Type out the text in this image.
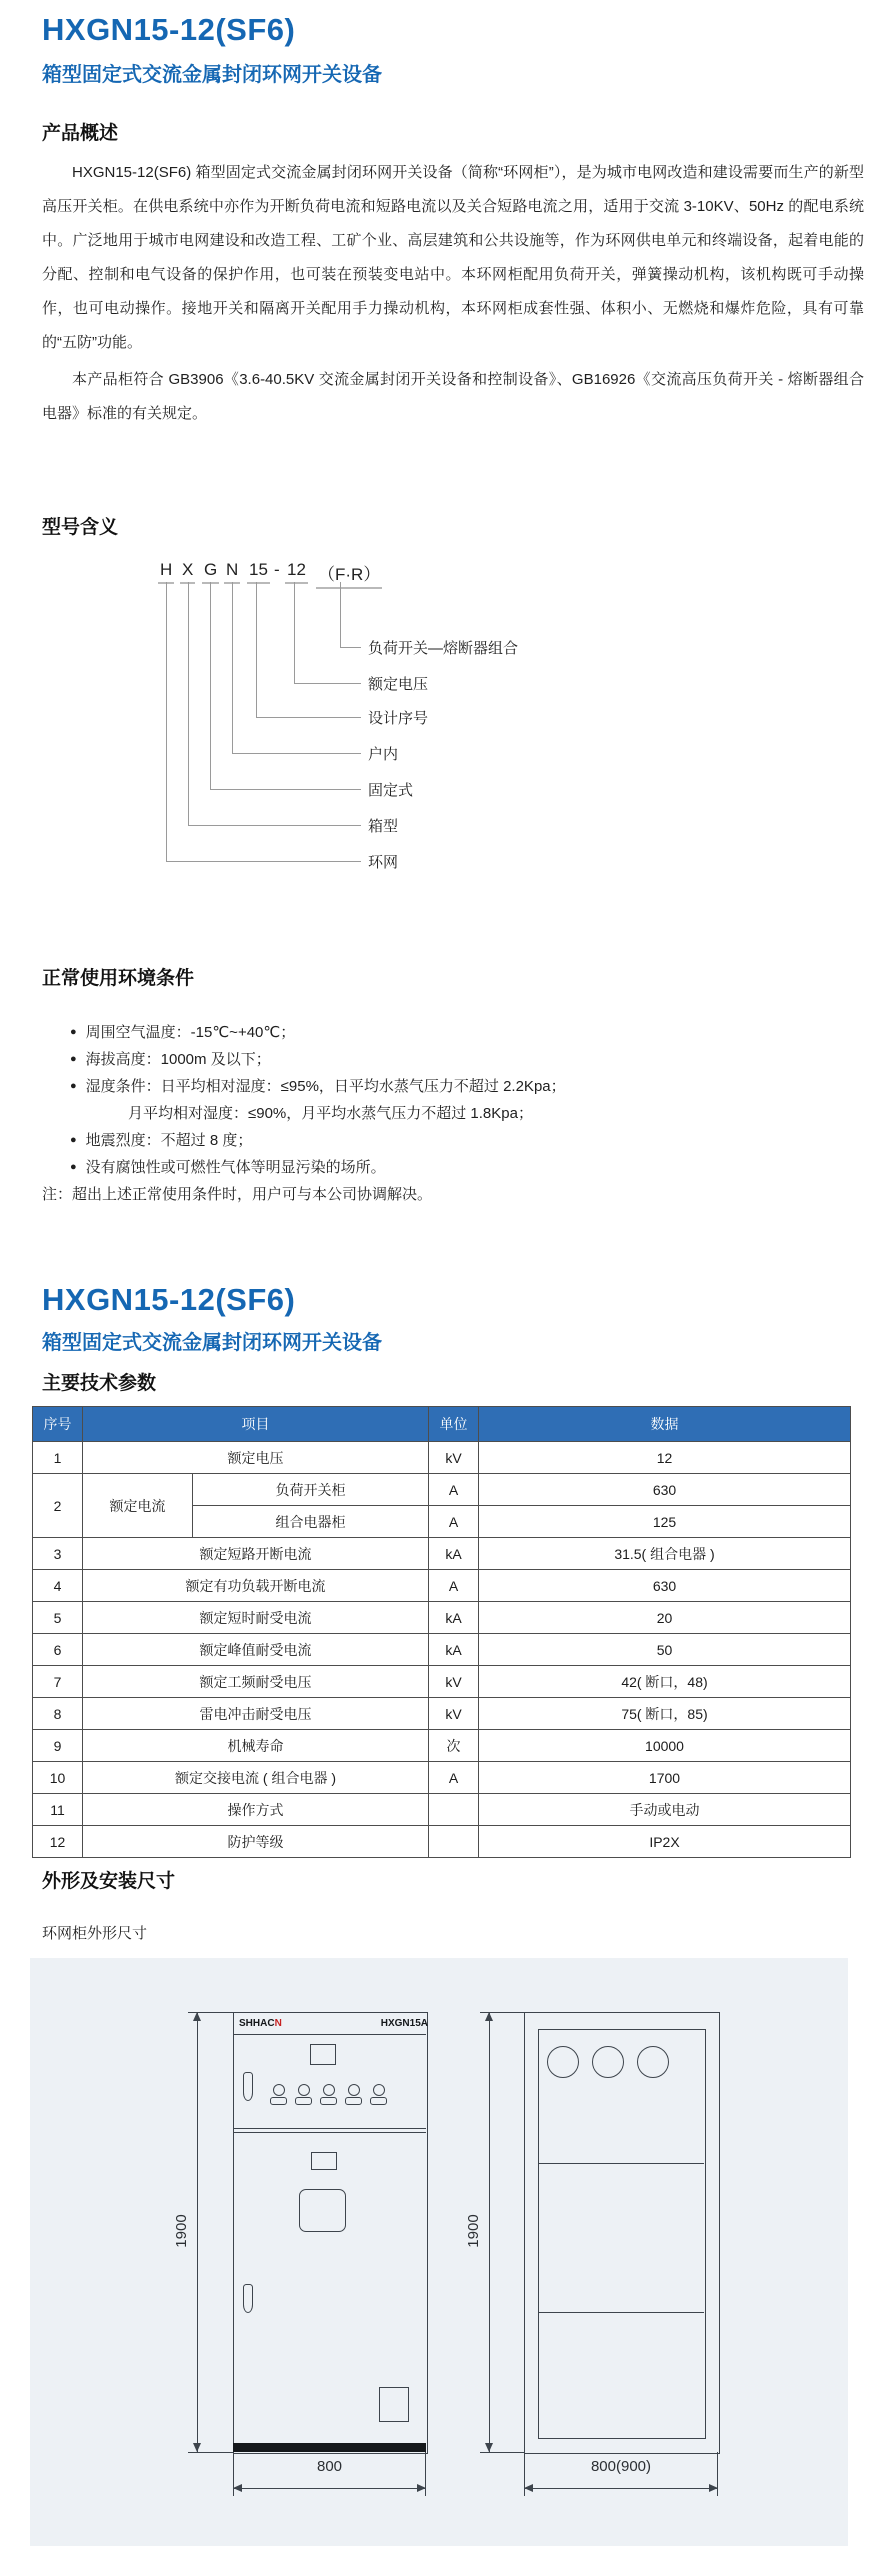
HXGN15-12(SF6)
箱型固定式交流金属封闭环网开关设备
产品概述
HXGN15-12(SF6) 箱型固定式交流金属封闭环网开关设备（简称“环网柜”），是为城市电网改造和建设需要而生产的新型高压开关柜。在供电系统中亦作为开断负荷电流和短路电流以及关合短路电流之用，适用于交流 3-10KV、50Hz 的配电系统中。广泛地用于城市电网建设和改造工程、工矿个业、高层建筑和公共设施等，作为环网供电单元和终端设备，起着电能的分配、控制和电气设备的保护作用，也可装在预装变电站中。本环网柜配用负荷开关，弹簧操动机构，该机构既可手动操作，也可电动操作。接地开关和隔离开关配用手力操动机构，本环网柜成套性强、体积小、无燃烧和爆炸危险，具有可靠的“五防”功能。
本产品柜符合 GB3906《3.6-40.5KV 交流金属封闭开关设备和控制设备》、GB16926《交流高压负荷开关 - 熔断器组合电器》标准的有关规定。
型号含义
H X G N 15 - 12 （F·R）
负荷开关—熔断器组合
额定电压
设计序号
户内
固定式
箱型
环网
正常使用环境条件
● 周围空气温度：-15℃~+40℃；
● 海拔高度：1000m 及以下；
● 湿度条件：日平均相对湿度：≤95%，日平均水蒸气压力不超过 2.2Kpa；
月平均相对湿度：≤90%，月平均水蒸气压力不超过 1.8Kpa；
● 地震烈度：不超过 8 度；
● 没有腐蚀性或可燃性气体等明显污染的场所。
注：超出上述正常使用条件时，用户可与本公司协调解决。
HXGN15-12(SF6)
箱型固定式交流金属封闭环网开关设备
主要技术参数
序号	项目		单位	数据
1	额定电压		kV	12
2	额定电流	负荷开关柜	A	630
		组合电器柜	A	125
3	额定短路开断电流		kA	31.5( 组合电器 )
4	额定有功负载开断电流		A	630
5	额定短时耐受电流		kA	20
6	额定峰值耐受电流		kA	50
7	额定工频耐受电压		kV	42( 断口，48)
8	雷电冲击耐受电压		kV	75( 断口，85)
9	机械寿命		次	10000
10	额定交接电流 ( 组合电器 )		A	1700
11	操作方式			手动或电动
12	防护等级			IP2X
外形及安装尺寸
环网柜外形尺寸
1900
SHHACN	HXGN15A
800
1900
800(900)
